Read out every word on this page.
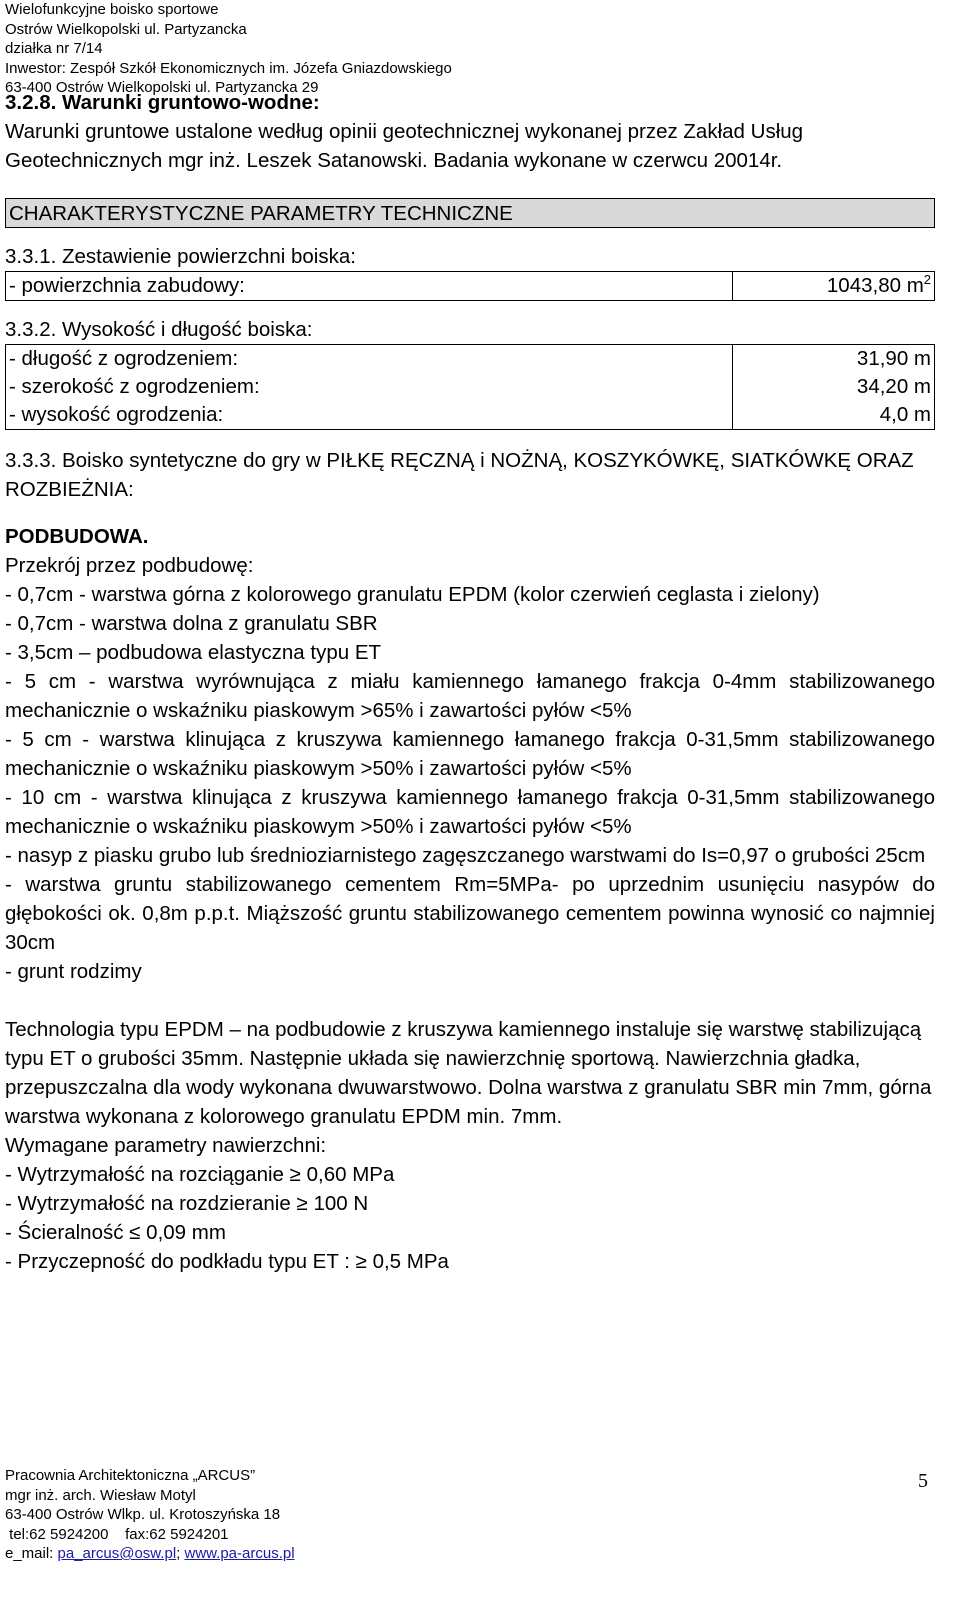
Wielofunkcyjne boisko sportowe
Ostrów Wielkopolski ul. Partyzancka
działka nr 7/14
Inwestor: Zespół Szkół Ekonomicznych im. Józefa Gniazdowskiego
63-400 Ostrów Wielkopolski ul. Partyzancka 29

3.2.8. Warunki gruntowo-wodne:

Warunki gruntowe ustalone według opinii geotechnicznej wykonanej przez Zakład Usług Geotechnicznych mgr inż. Leszek Satanowski. Badania wykonane w czerwcu 20014r.

CHARAKTERYSTYCZNE PARAMETRY TECHNICZNE

3.3.1. Zestawienie powierzchni boiska:

- powierzchnia zabudowy:	1043,80 $m^2$

3.3.2. Wysokość i długość boiska:

- długość z ogrodzeniem:	31,90 m
- szerokość z ogrodzeniem:	34,20 m
- wysokość ogrodzenia:	4,0 m

3.3.3. Boisko syntetyczne do gry w PIŁKĘ RĘCZNĄ i NOŻNĄ, KOSZYKÓWKĘ, SIATKÓWKĘ ORAZ ROZBIEŻNIA:

PODBUDOWA.

Przekrój przez podbudowę:

- 0,7cm - warstwa górna z kolorowego granulatu EPDM (kolor czerwień ceglasta i zielony)

- 0,7cm - warstwa dolna z granulatu SBR

- 3,5cm – podbudowa elastyczna typu ET

- 5 cm - warstwa wyrównująca z miału kamiennego łamanego frakcja 0-4mm stabilizowanego mechanicznie o wskaźniku piaskowym >65% i zawartości pyłów <5%

- 5 cm - warstwa klinująca z kruszywa kamiennego łamanego frakcja 0-31,5mm stabilizowanego mechanicznie o wskaźniku piaskowym >50% i zawartości pyłów <5%

- 10 cm - warstwa klinująca z kruszywa kamiennego łamanego frakcja 0-31,5mm stabilizowanego mechanicznie o wskaźniku piaskowym >50% i zawartości pyłów <5%

- nasyp z piasku grubo lub średnioziarnistego zagęszczanego warstwami do Is=0,97 o grubości 25cm

- warstwa gruntu stabilizowanego cementem Rm=5MPa- po uprzednim usunięciu nasypów do głębokości ok. 0,8m p.p.t. Miąższość gruntu stabilizowanego cementem powinna wynosić co najmniej 30cm

- grunt rodzimy

Technologia typu EPDM – na podbudowie z kruszywa kamiennego instaluje się warstwę stabilizującą typu ET o grubości 35mm. Następnie układa się nawierzchnię sportową. Nawierzchnia gładka, przepuszczalna dla wody wykonana dwuwarstwowo. Dolna warstwa z granulatu SBR min 7mm, górna warstwa wykonana z kolorowego granulatu EPDM min. 7mm.

Wymagane parametry nawierzchni:

- Wytrzymałość na rozciąganie ≥ 0,60 MPa

- Wytrzymałość na rozdzieranie ≥ 100 N

- Ścieralność ≤ 0,09 mm

- Przyczepność do podkładu typu ET : ≥ 0,5 MPa

Pracownia Architektoniczna „ARCUS”
mgr inż. arch. Wiesław Motyl
63-400 Ostrów Wlkp. ul. Krotoszyńska 18
tel:62 5924200    fax:62 5924201
e_mail: pa_arcus@osw.pl; www.pa-arcus.pl
5
